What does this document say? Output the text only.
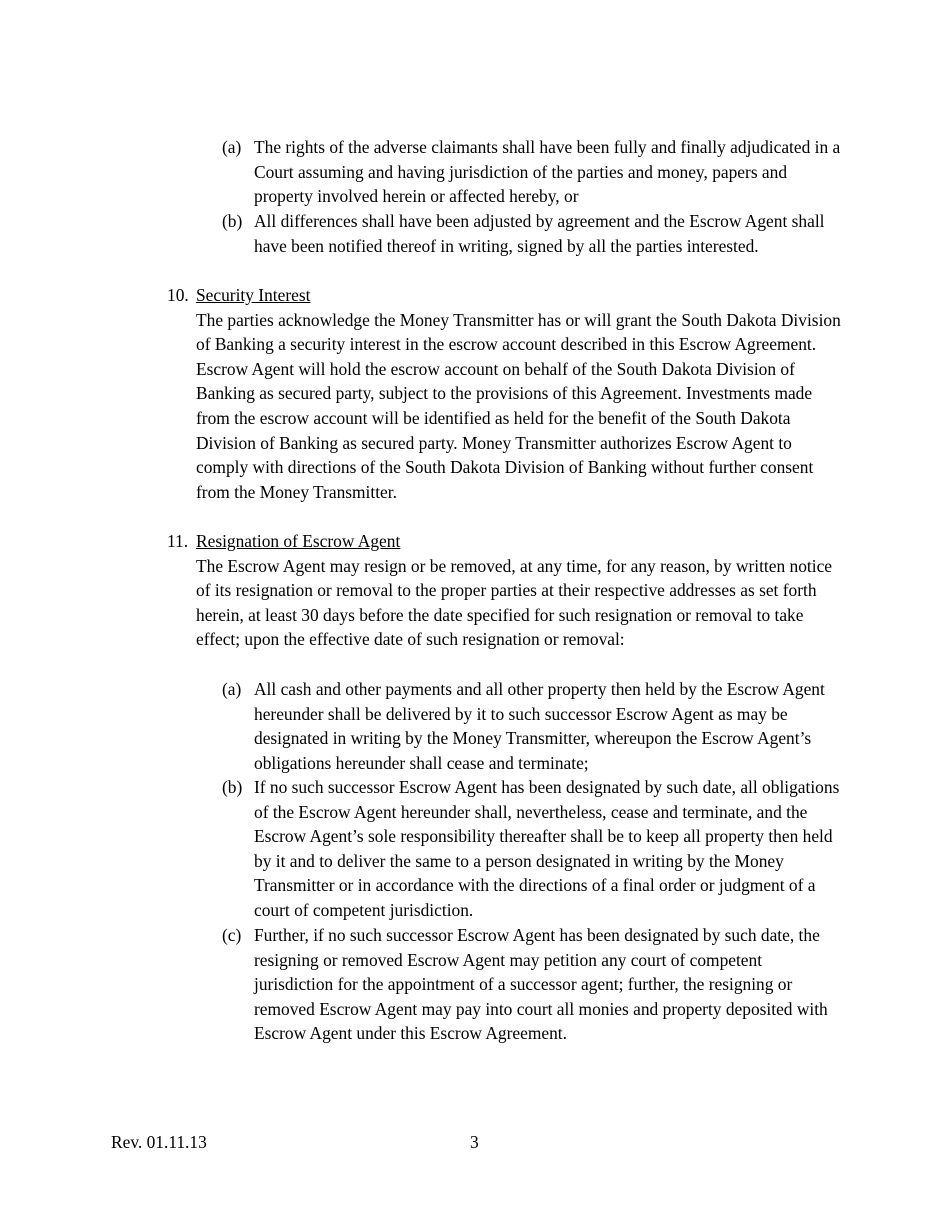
(a) The rights of the adverse claimants shall have been fully and finally adjudicated in a Court assuming and having jurisdiction of the parties and money, papers and property involved herein or affected hereby, or
(b) All differences shall have been adjusted by agreement and the Escrow Agent shall have been notified thereof in writing, signed by all the parties interested.
10. Security Interest
The parties acknowledge the Money Transmitter has or will grant the South Dakota Division of Banking a security interest in the escrow account described in this Escrow Agreement. Escrow Agent will hold the escrow account on behalf of the South Dakota Division of Banking as secured party, subject to the provisions of this Agreement. Investments made from the escrow account will be identified as held for the benefit of the South Dakota Division of Banking as secured party. Money Transmitter authorizes Escrow Agent to comply with directions of the South Dakota Division of Banking without further consent from the Money Transmitter.
11. Resignation of Escrow Agent
The Escrow Agent may resign or be removed, at any time, for any reason, by written notice of its resignation or removal to the proper parties at their respective addresses as set forth herein, at least 30 days before the date specified for such resignation or removal to take effect; upon the effective date of such resignation or removal:
(a) All cash and other payments and all other property then held by the Escrow Agent hereunder shall be delivered by it to such successor Escrow Agent as may be designated in writing by the Money Transmitter, whereupon the Escrow Agent’s obligations hereunder shall cease and terminate;
(b) If no such successor Escrow Agent has been designated by such date, all obligations of the Escrow Agent hereunder shall, nevertheless, cease and terminate, and the Escrow Agent’s sole responsibility thereafter shall be to keep all property then held by it and to deliver the same to a person designated in writing by the Money Transmitter or in accordance with the directions of a final order or judgment of a court of competent jurisdiction.
(c) Further, if no such successor Escrow Agent has been designated by such date, the resigning or removed Escrow Agent may petition any court of competent jurisdiction for the appointment of a successor agent; further, the resigning or removed Escrow Agent may pay into court all monies and property deposited with Escrow Agent under this Escrow Agreement.
Rev. 01.11.13	3
